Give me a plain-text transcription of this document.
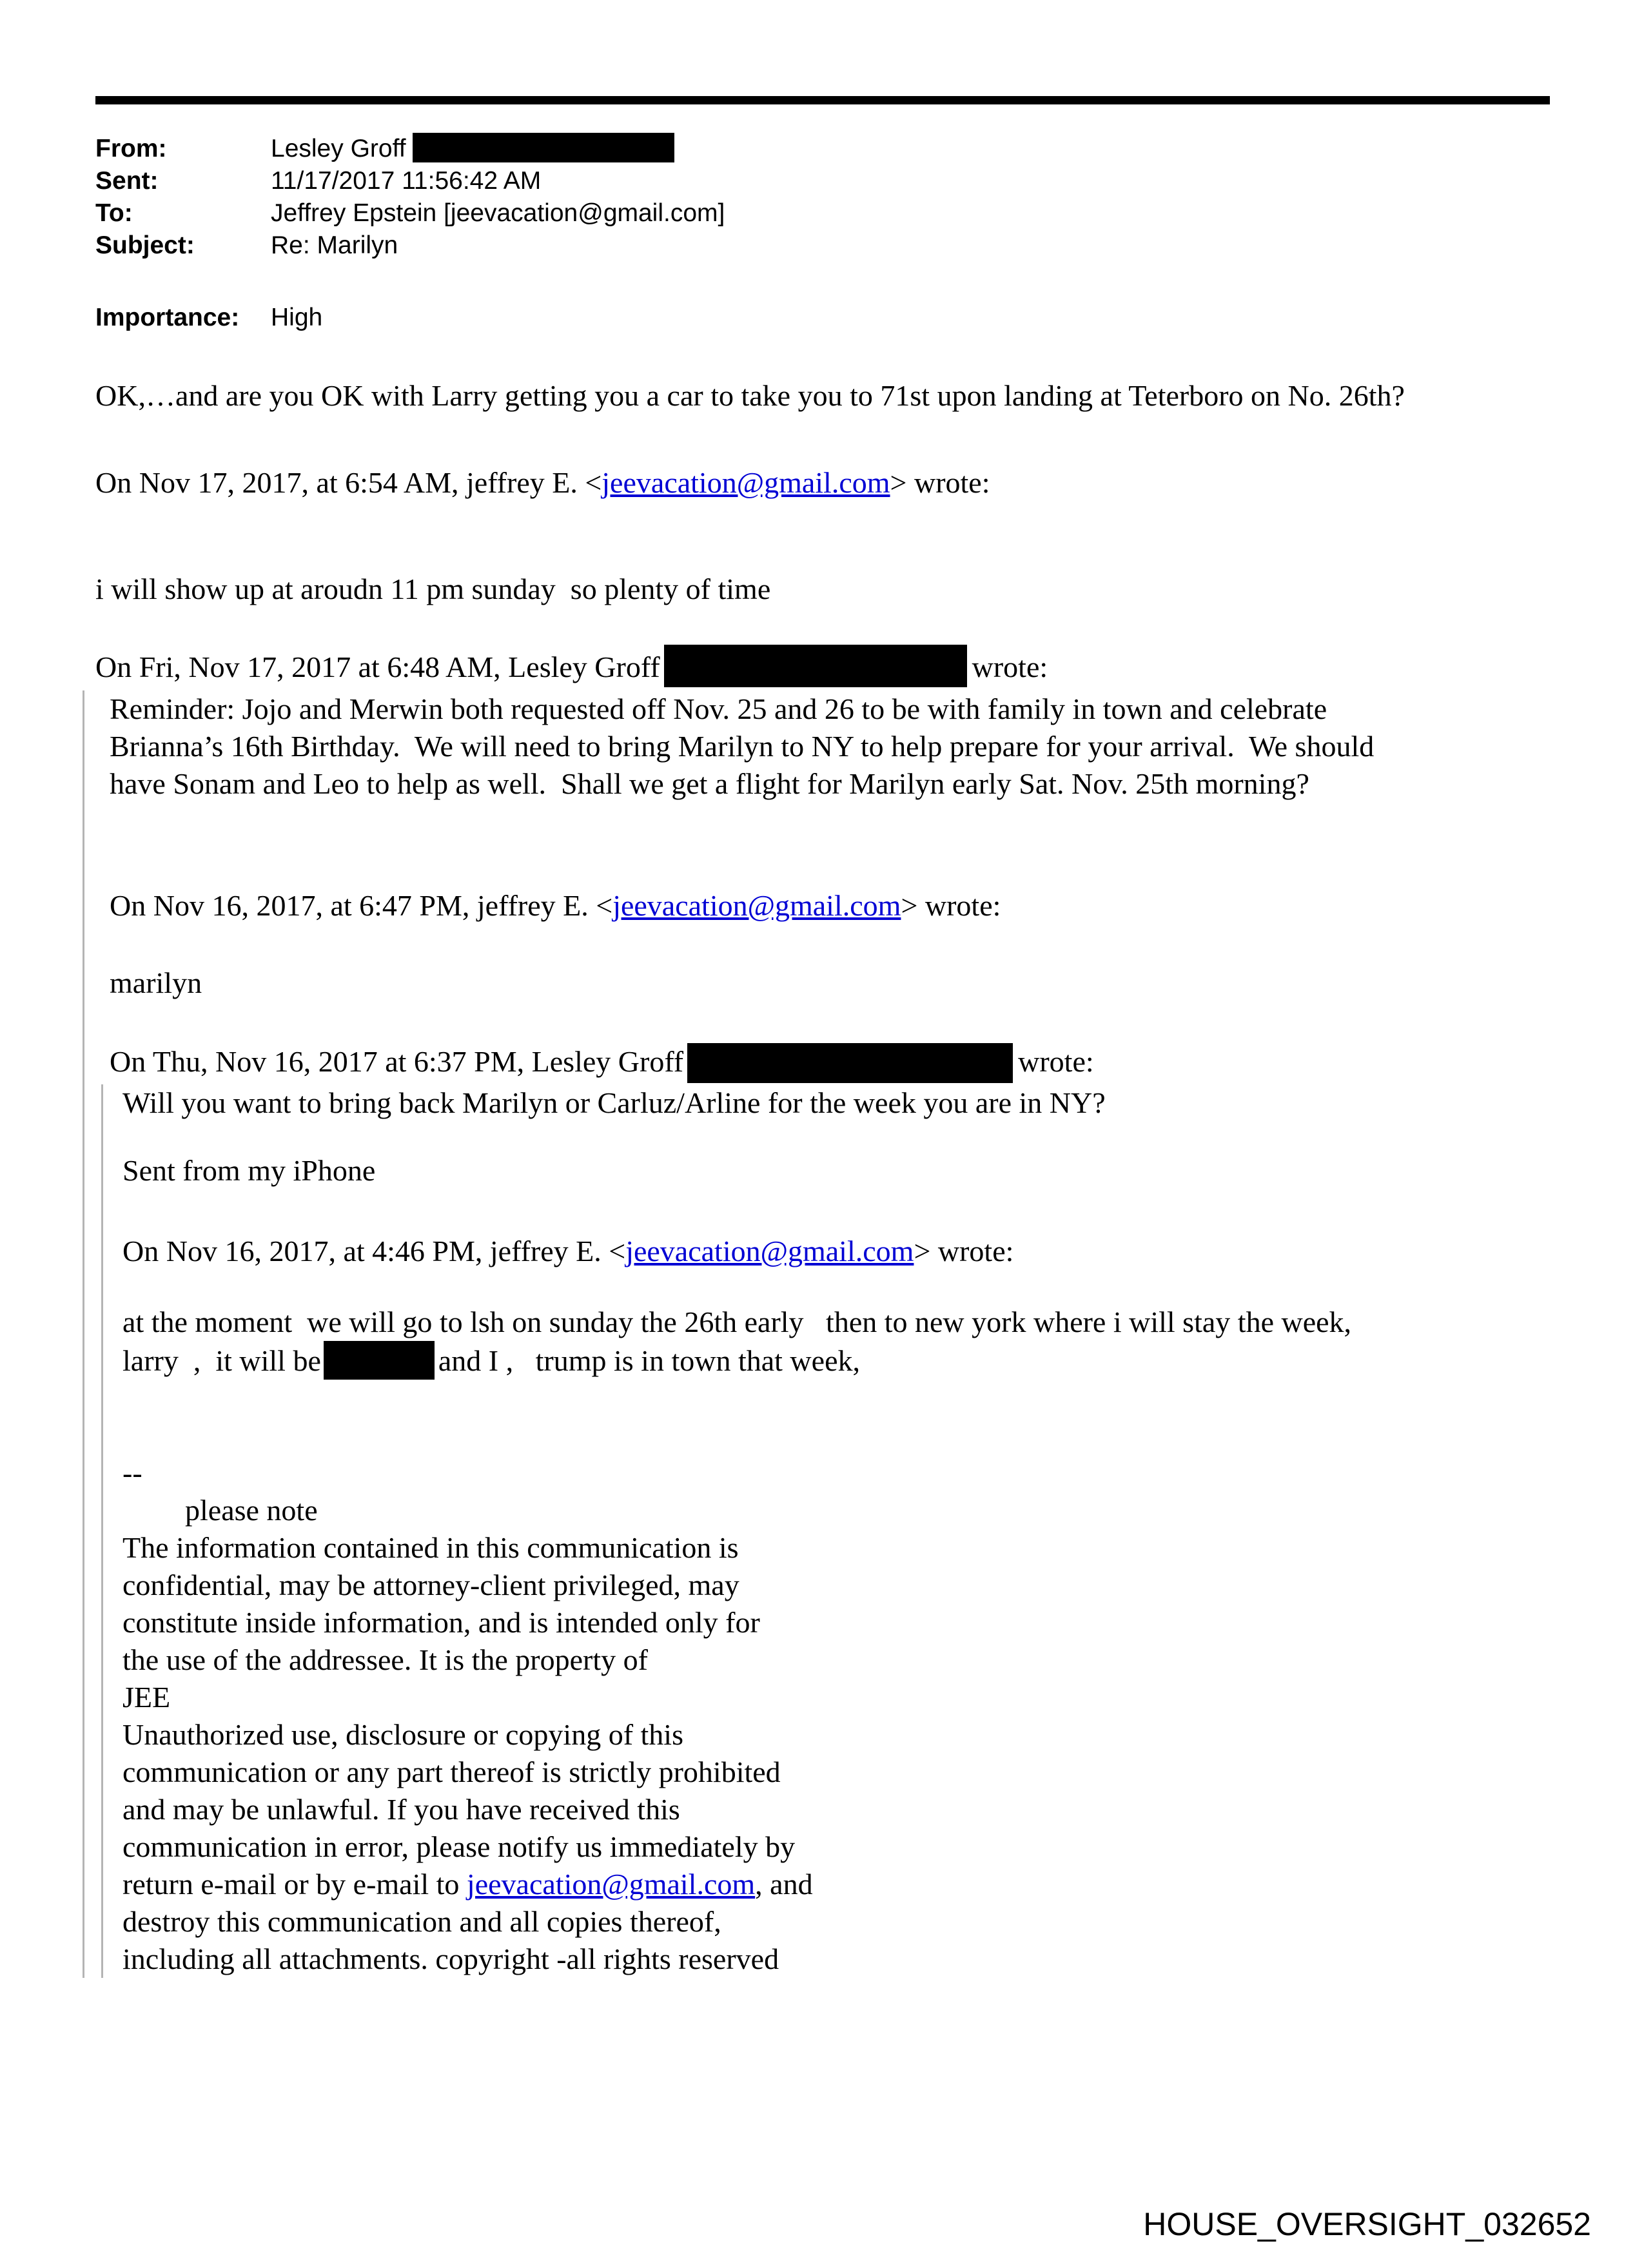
From:	Lesley Groff
Sent:	11/17/2017 11:56:42 AM
To:	Jeffrey Epstein [jeevacation@gmail.com]
Subject:	Re: Marilyn
Importance:	High
OK,…and are you OK with Larry getting you a car to take you to 71st upon landing at Teterboro on No. 26th?
On Nov 17, 2017, at 6:54 AM, jeffrey E. <jeevacation@gmail.com> wrote:
i will show up at aroudn 11 pm sunday  so plenty of time
On Fri, Nov 17, 2017 at 6:48 AM, Lesley Groff	wrote:
Reminder: Jojo and Merwin both requested off Nov. 25 and 26 to be with family in town and celebrate
Brianna’s 16th Birthday.  We will need to bring Marilyn to NY to help prepare for your arrival.  We should
have Sonam and Leo to help as well.  Shall we get a flight for Marilyn early Sat. Nov. 25th morning?
On Nov 16, 2017, at 6:47 PM, jeffrey E. <jeevacation@gmail.com> wrote:
marilyn
On Thu, Nov 16, 2017 at 6:37 PM, Lesley Groff	wrote:
Will you want to bring back Marilyn or Carluz/Arline for the week you are in NY?
Sent from my iPhone
On Nov 16, 2017, at 4:46 PM, jeffrey E. <jeevacation@gmail.com> wrote:
at the moment  we will go to lsh on sunday the 26th early   then to new york where i will stay the week,
larry  ,  it will be	and I ,   trump is in town that week,
--
please note
The information contained in this communication is
confidential, may be attorney-client privileged, may
constitute inside information, and is intended only for
the use of the addressee. It is the property of
JEE
Unauthorized use, disclosure or copying of this
communication or any part thereof is strictly prohibited
and may be unlawful. If you have received this
communication in error, please notify us immediately by
return e-mail or by e-mail to jeevacation@gmail.com, and
destroy this communication and all copies thereof,
including all attachments. copyright -all rights reserved
HOUSE_OVERSIGHT_032652
